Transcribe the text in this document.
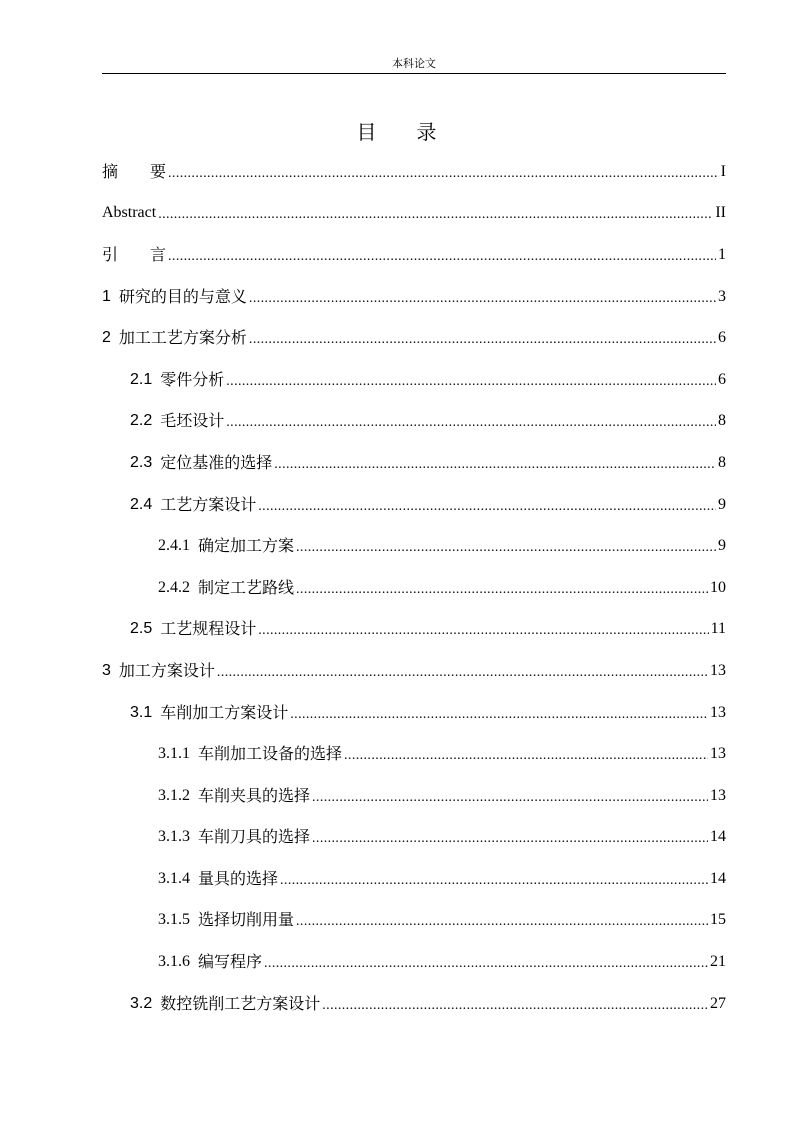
本科论文
目录
摘　　要 .....	I
Abstract .....	II
引　　言 .....	1
1 研究的目的与意义 .....	3
2 加工工艺方案分析 .....	6
2.1 零件分析 .....	6
2.2 毛坯设计 .....	8
2.3 定位基准的选择 .....	8
2.4 工艺方案设计 .....	9
2.4.1 确定加工方案 .....	9
2.4.2 制定工艺路线 .....	10
2.5 工艺规程设计 .....	11
3 加工方案设计 .....	13
3.1 车削加工方案设计 .....	13
3.1.1 车削加工设备的选择 .....	13
3.1.2 车削夹具的选择 .....	13
3.1.3 车削刀具的选择 .....	14
3.1.4 量具的选择 .....	14
3.1.5 选择切削用量 .....	15
3.1.6 编写程序 .....	21
3.2 数控铣削工艺方案设计 .....	27
